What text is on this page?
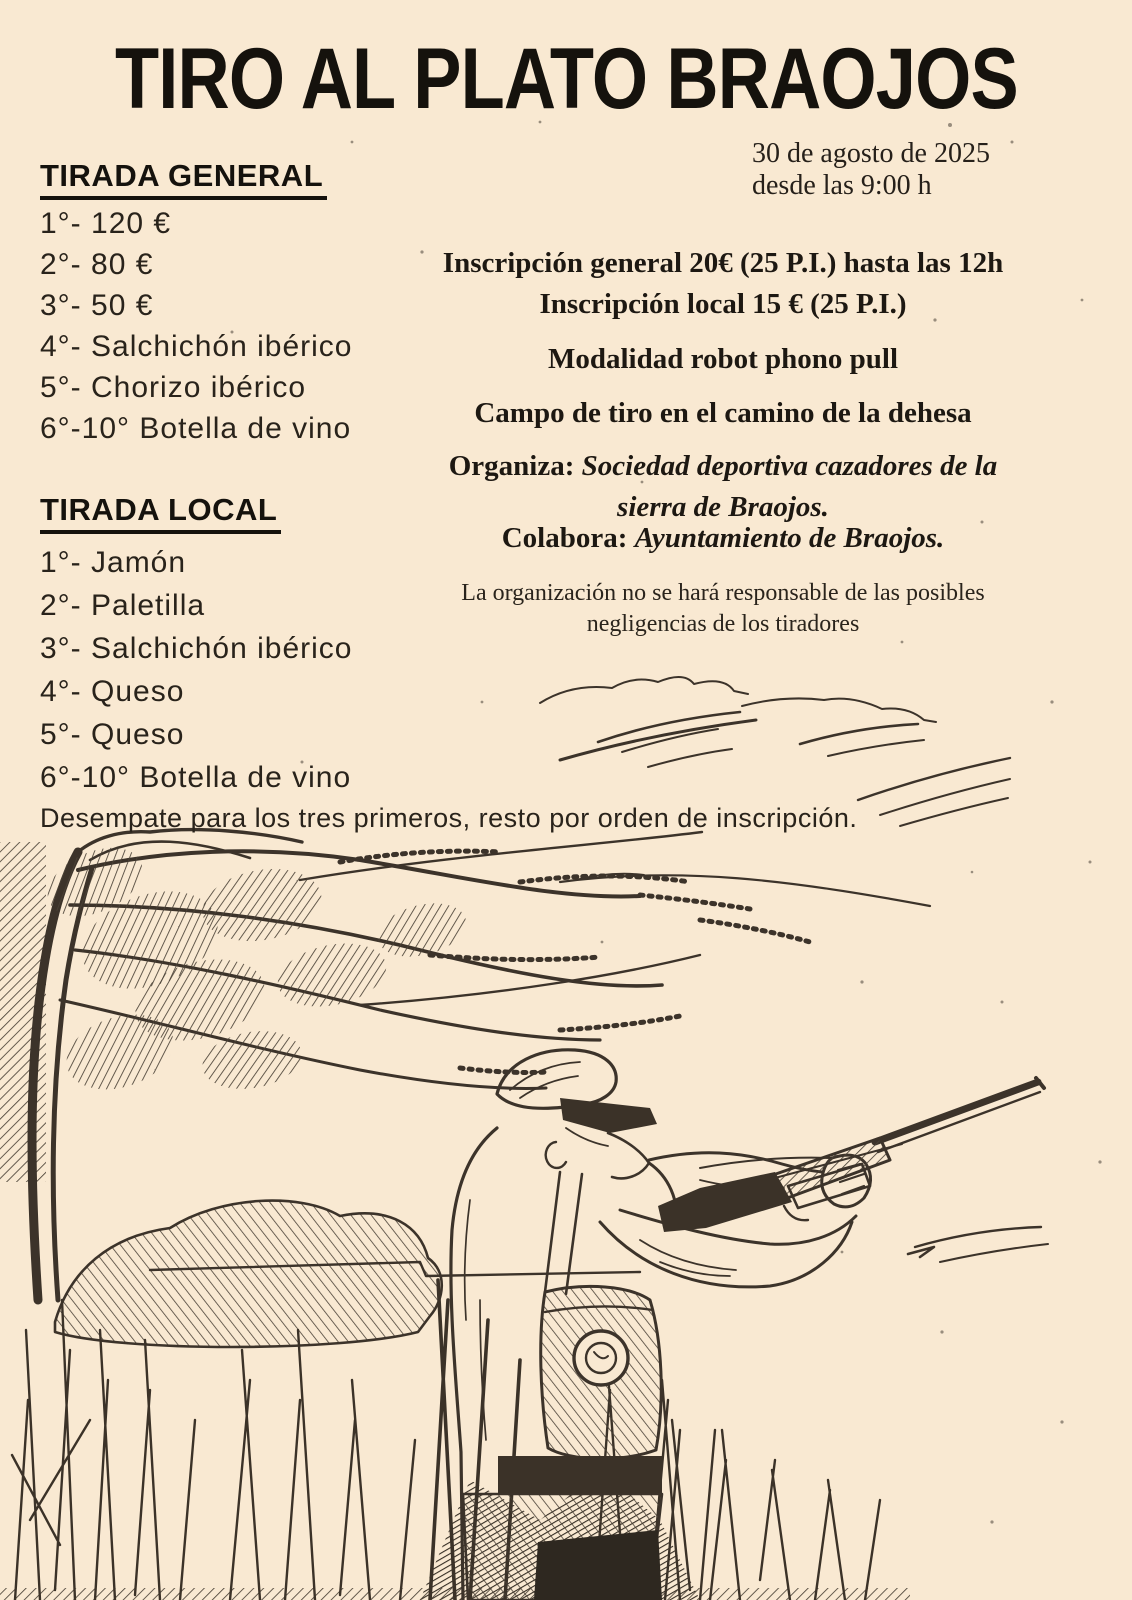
TIRO AL PLATO BRAOJOS
30 de agosto de 2025
desde las 9:00 h
TIRADA GENERAL
1°- 120 €
2°- 80 €
3°- 50 €
4°- Salchichón ibérico
5°- Chorizo ibérico
6°-10° Botella de vino
TIRADA LOCAL
1°- Jamón
2°- Paletilla
3°- Salchichón ibérico
4°- Queso
5°- Queso
6°-10° Botella de vino

Desempate para los tres primeros, resto por orden de inscripción.

Inscripción general 20€ (25 P.I.) hasta las 12h

Inscripción local 15 € (25 P.I.)

Modalidad robot phono pull

Campo de tiro en el camino de la dehesa

Organiza: Sociedad deportiva cazadores de la sierra de Braojos.

Colabora: Ayuntamiento de Braojos.

La organización no se hará responsable de las posibles negligencias de los tiradores
